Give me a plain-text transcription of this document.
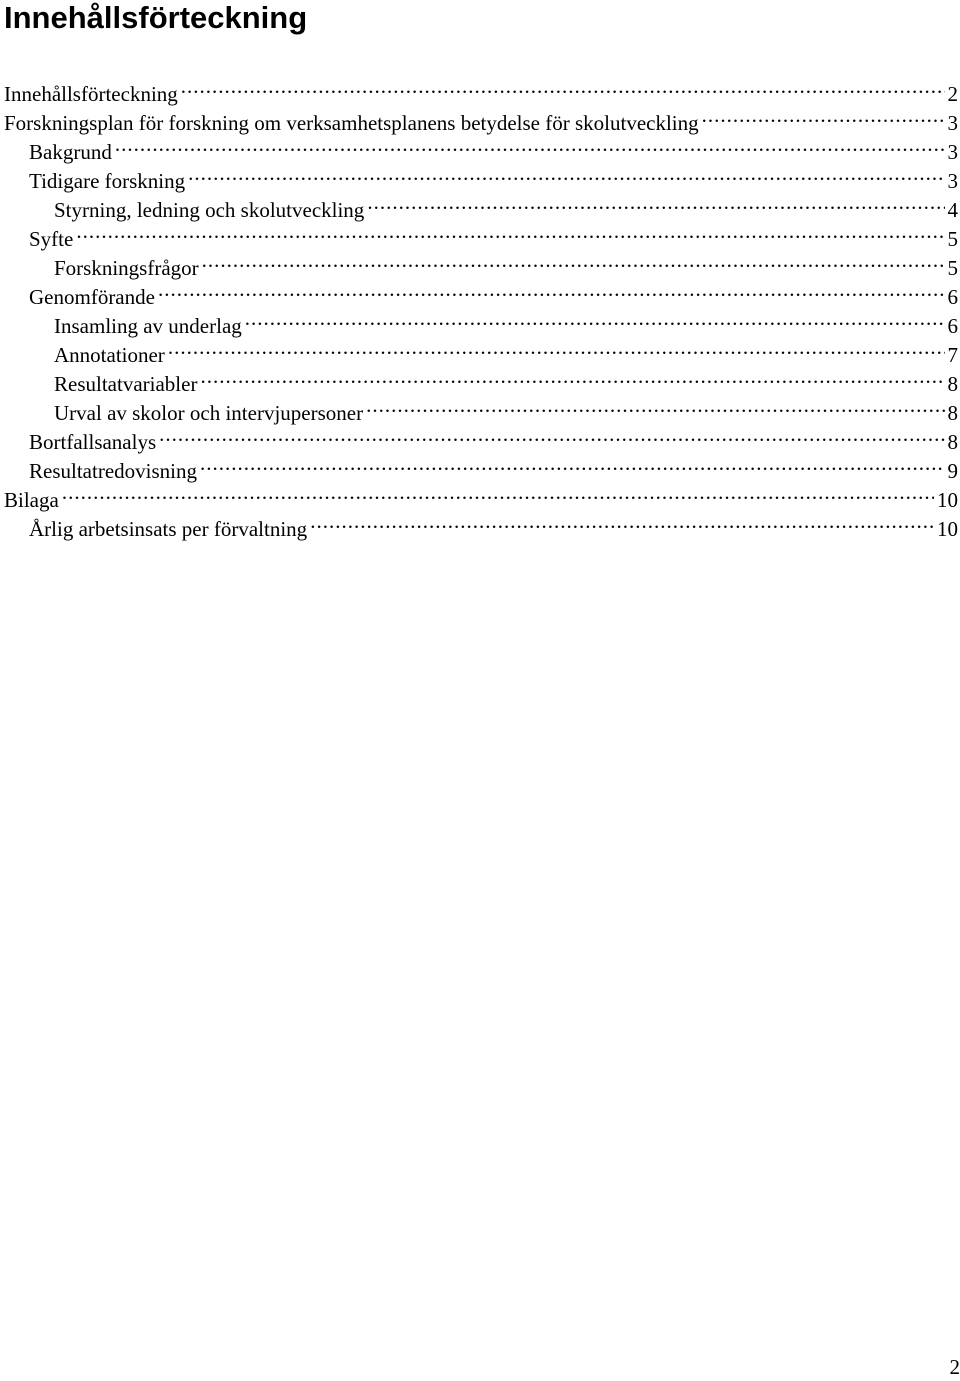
Innehållsförteckning
Innehållsförteckning .....	2
Forskningsplan för forskning om verksamhetsplanens betydelse för skolutveckling .....	3
Bakgrund .....	3
Tidigare forskning .....	3
Styrning, ledning och skolutveckling .....	4
Syfte .....	5
Forskningsfrågor .....	5
Genomförande .....	6
Insamling av underlag .....	6
Annotationer .....	7
Resultatvariabler .....	8
Urval av skolor och intervjupersoner .....	8
Bortfallsanalys .....	8
Resultatredovisning .....	9
Bilaga .....	10
Årlig arbetsinsats per förvaltning .....	10
2
